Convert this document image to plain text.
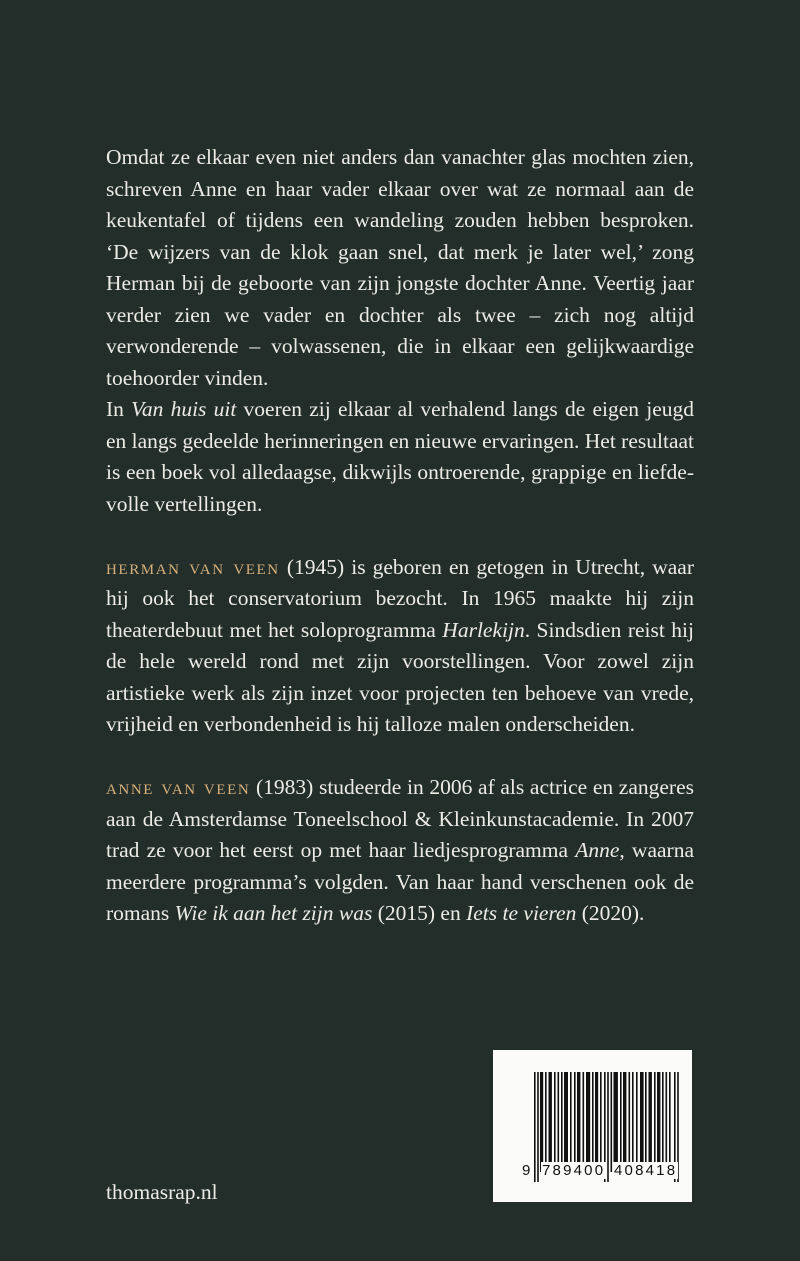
Omdat ze elkaar even niet anders dan vanachter glas mochten zien, schreven Anne en haar vader elkaar over wat ze normaal aan de keukentafel of tijdens een wandeling zouden hebben besproken. ‘De wijzers van de klok gaan snel, dat merk je later wel,’ zong Herman bij de geboorte van zijn jongste dochter Anne. Veertig jaar verder zien we vader en dochter als twee – zich nog altijd verwonderende – volwassenen, die in elkaar een gelijkwaardige toehoorder vinden.

In Van huis uit voeren zij elkaar al verhalend langs de eigen jeugd en langs gedeelde herinneringen en nieuwe ervaringen. Het resultaat is een boek vol alledaagse, dikwijls ontroerende, grappige en liefdevolle vertellingen.

herman van veen (1945) is geboren en getogen in Utrecht, waar hij ook het conservatorium bezocht. In 1965 maakte hij zijn theaterdebuut met het soloprogramma Harlekijn. Sindsdien reist hij de hele wereld rond met zijn voorstellingen. Voor zowel zijn artistieke werk als zijn inzet voor projecten ten behoeve van vrede, vrijheid en verbondenheid is hij talloze malen onderscheiden.

anne van veen (1983) studeerde in 2006 af als actrice en zangeres aan de Amsterdamse Toneelschool & Kleinkunstacademie. In 2007 trad ze voor het eerst op met haar liedjesprogramma Anne, waarna meerdere programma’s volgden. Van haar hand verschenen ook de romans Wie ik aan het zijn was (2015) en Iets te vieren (2020).

thomasrap.nl
9 789400 408418
